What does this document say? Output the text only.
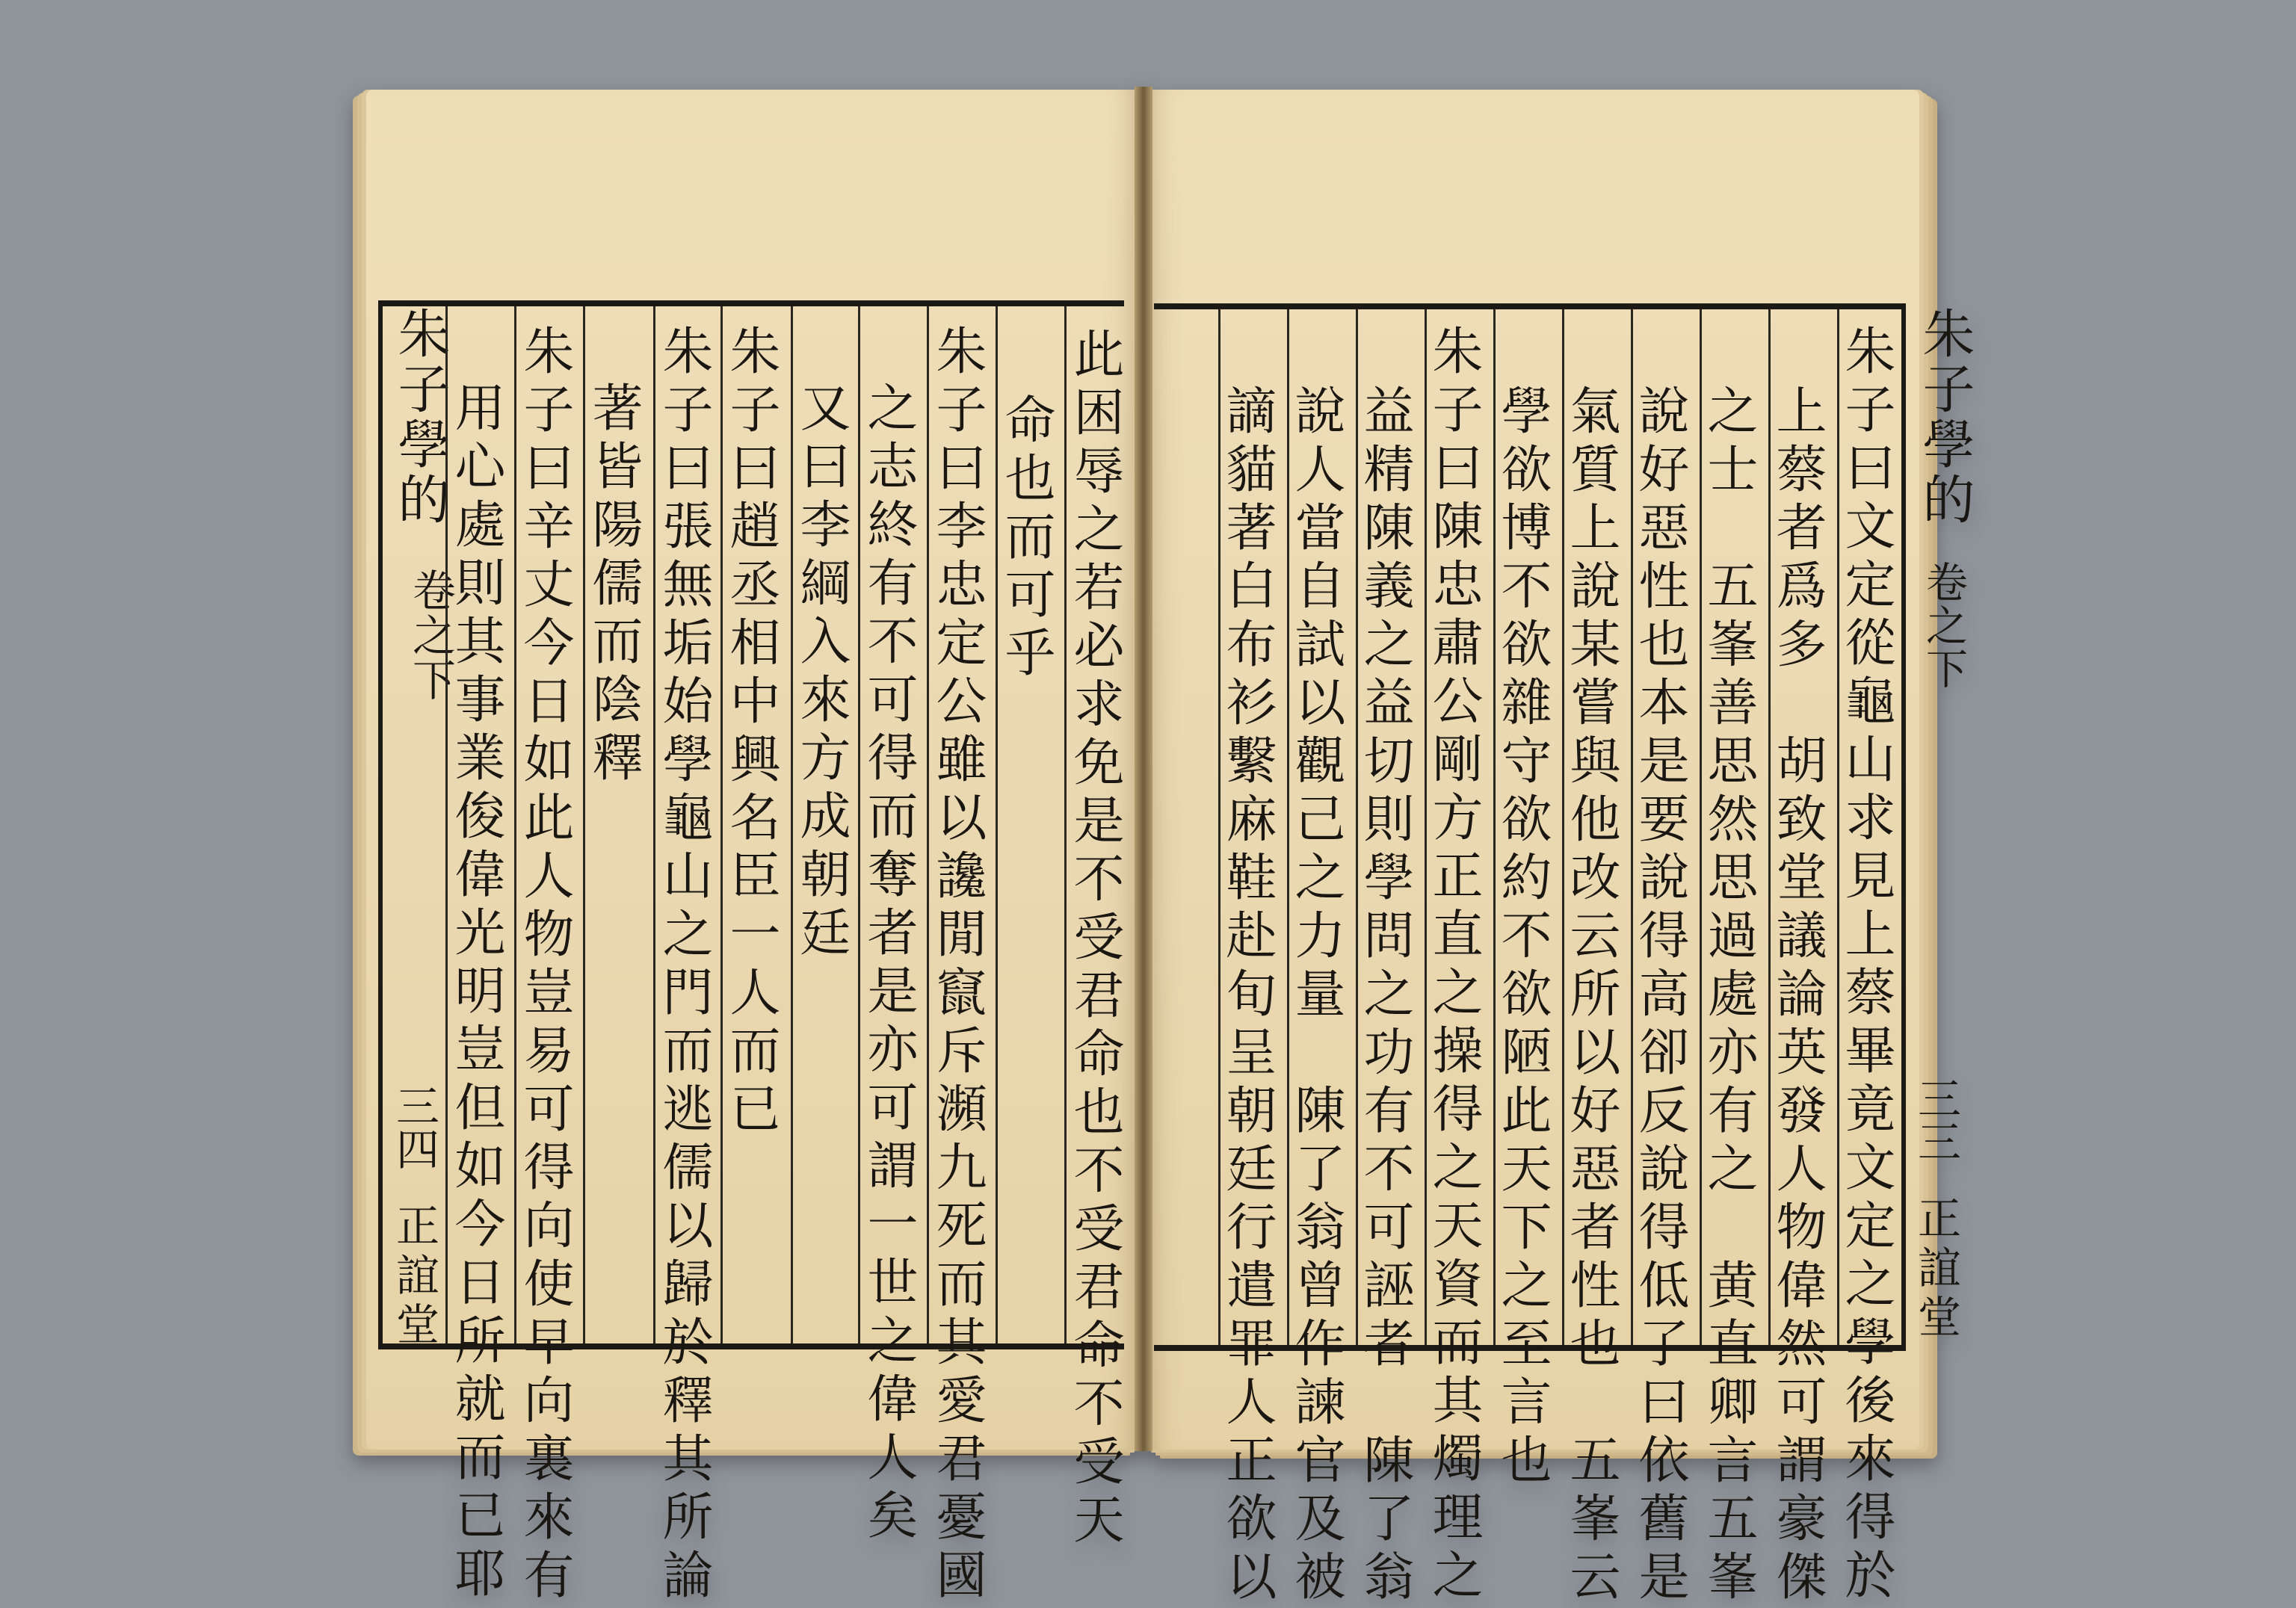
朱子學的
卷之下
三四
正誼堂	此困辱之若必求免是不受君命也不受君命不受天
命也而可乎
朱子曰李忠定公雖以讒閒竄斥瀕九死而其愛君憂國
之志終有不可得而奪者是亦可謂一世之偉人矣
又曰李綱入來方成朝廷
朱子曰趙丞相中興名臣一人而已
朱子曰張無垢始學龜山之門而逃儒以歸於釋其所論
著皆陽儒而陰釋
朱子曰辛丈今日如此人物豈易可得向使早向裏來有
用心處則其事業俊偉光明豈但如今日所就而已耶	朱子曰文定從龜山求見上蔡畢竟文定之學後來得於
上蔡者爲多　胡致堂議論英發人物偉然可謂豪傑
之士　五峯善思然思過處亦有之　黄直卿言五峯
說好惡性也本是要說得高卻反說得低了曰依舊是
氣質上說某嘗與他改云所以好惡者性也　五峯云
學欲博不欲雜守欲約不欲陋此天下之至言也
朱子曰陳忠肅公剛方正直之操得之天資而其燭理之
益精陳義之益切則學問之功有不可誣者　陳了翁
說人當自試以觀己之力量　陳了翁曾作諫官及被
謫貓著白布衫繫麻鞋赴旬呈朝廷行遣罪人正欲以	朱子學的
卷之下
三三
正誼堂
